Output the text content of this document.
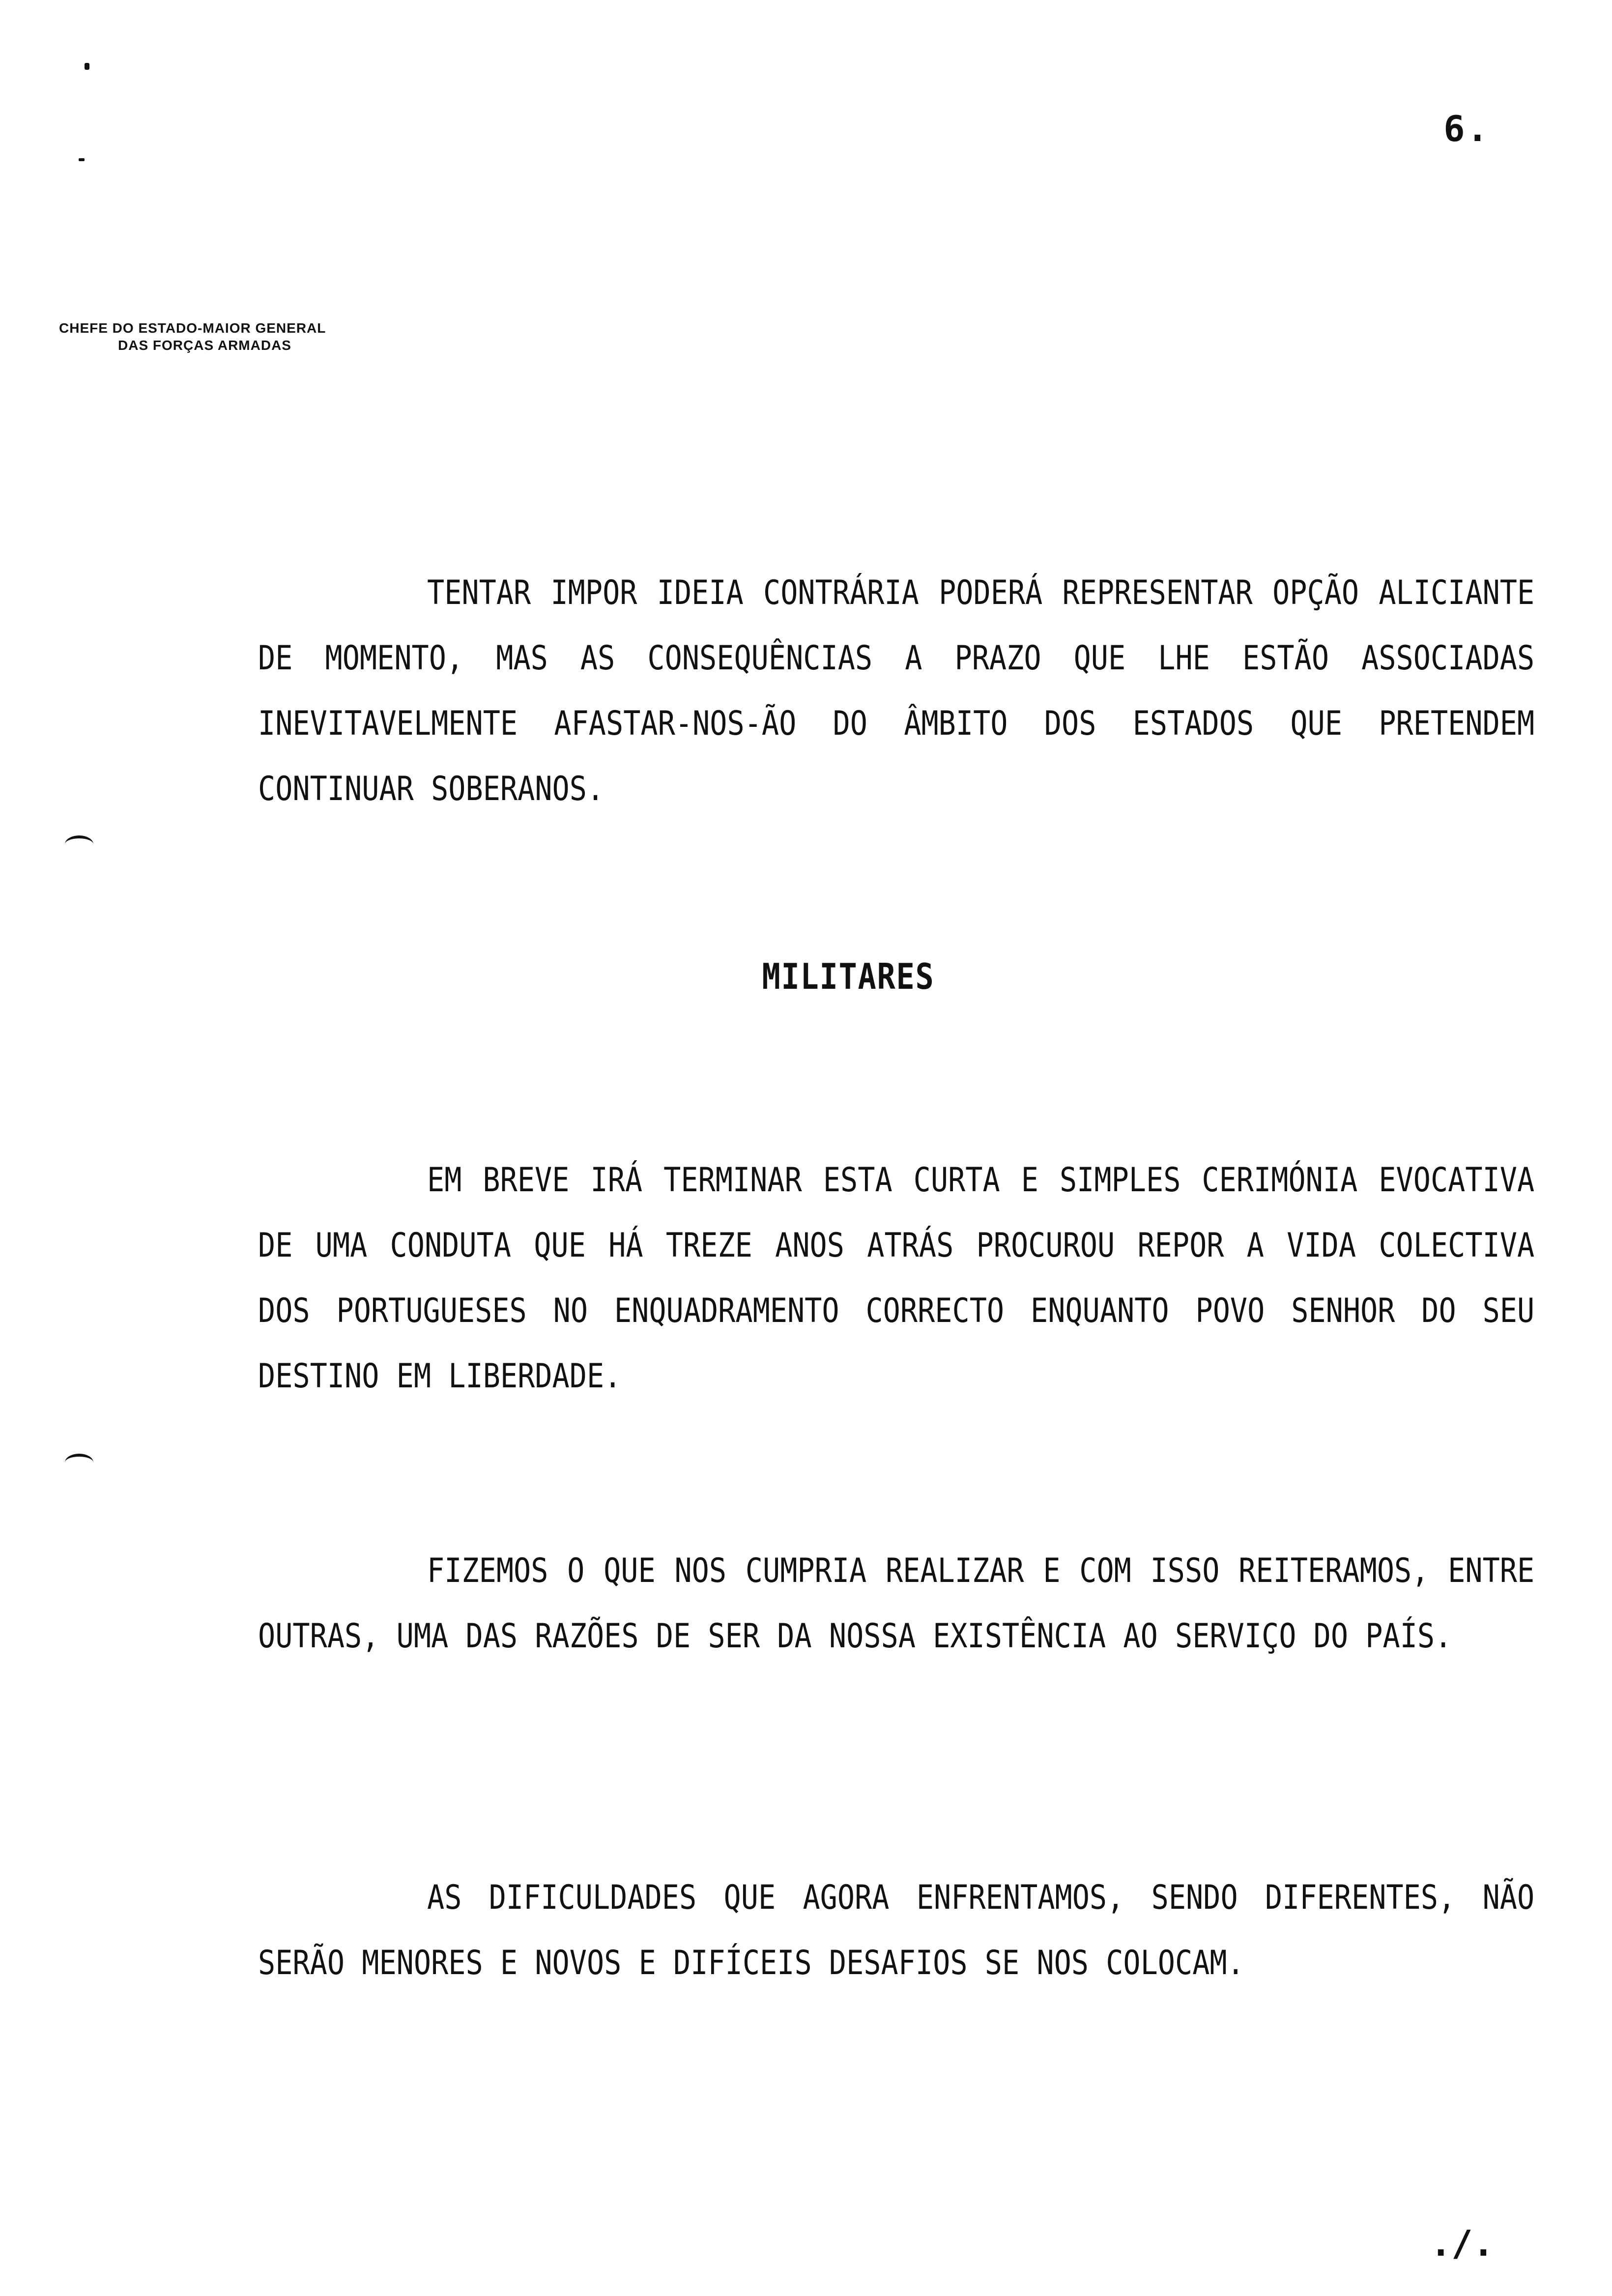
6.
CHEFE DO ESTADO-MAIOR GENERAL
DAS FORÇAS ARMADAS

TENTAR IMPOR IDEIA CONTRÁRIA PODERÁ REPRESENTAR OPÇÃO ALICIANTE DE MOMENTO, MAS AS CONSEQUÊNCIAS A PRAZO QUE LHE ESTÃO ASSOCIADAS INEVITAVELMENTE AFASTAR-NOS-ÃO DO ÂMBITO DOS ESTADOS QUE PRETENDEM CONTINUAR SOBERANOS.

MILITARES

EM BREVE IRÁ TERMINAR ESTA CURTA E SIMPLES CERIMÓNIA EVOCATIVA DE UMA CONDUTA QUE HÁ TREZE ANOS ATRÁS PROCUROU REPOR A VIDA COLECTIVA DOS PORTUGUESES NO ENQUADRAMENTO CORRECTO ENQUANTO POVO SENHOR DO SEU DESTINO EM LIBERDADE.

FIZEMOS O QUE NOS CUMPRIA REALIZAR E COM ISSO REITERAMOS, ENTRE OUTRAS, UMA DAS RAZÕES DE SER DA NOSSA EXISTÊNCIA AO SERVIÇO DO PAÍS.

AS DIFICULDADES QUE AGORA ENFRENTAMOS, SENDO DIFERENTES, NÃO SERÃO MENORES E NOVOS E DIFÍCEIS DESAFIOS SE NOS COLOCAM.

./.
